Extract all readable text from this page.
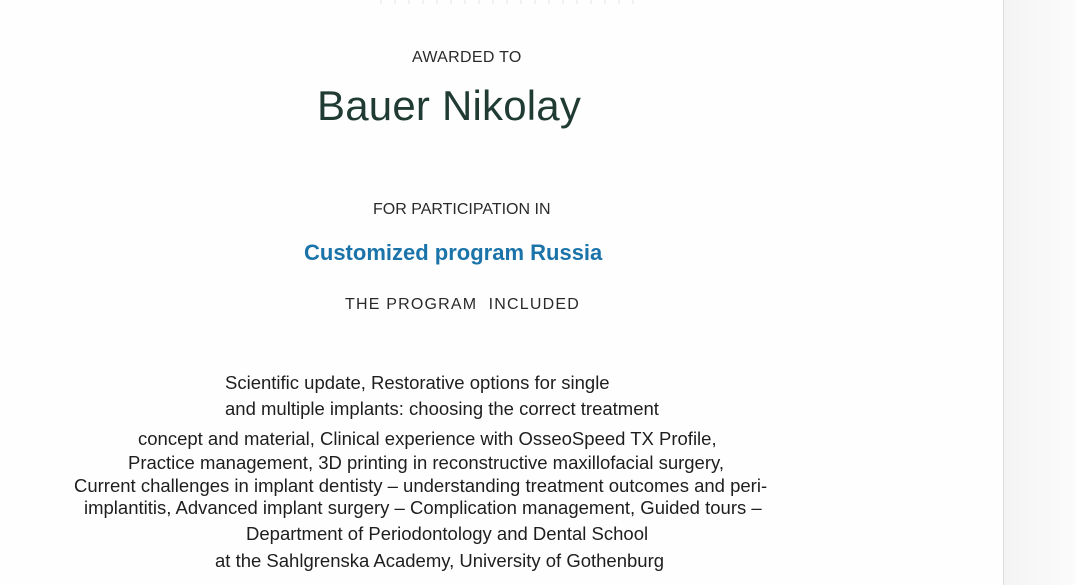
AWARDED TO
Bauer Nikolay
FOR PARTICIPATION IN
Customized program Russia
THE PROGRAM  INCLUDED
Scientific update, Restorative options for single
and multiple implants: choosing the correct treatment
concept and material, Clinical experience with OsseoSpeed TX Profile,
Practice management, 3D printing in reconstructive maxillofacial surgery,
Current challenges in implant dentisty – understanding treatment outcomes and peri-
implantitis, Advanced implant surgery – Complication management, Guided tours –
Department of Periodontology and Dental School
at the Sahlgrenska Academy, University of Gothenburg
